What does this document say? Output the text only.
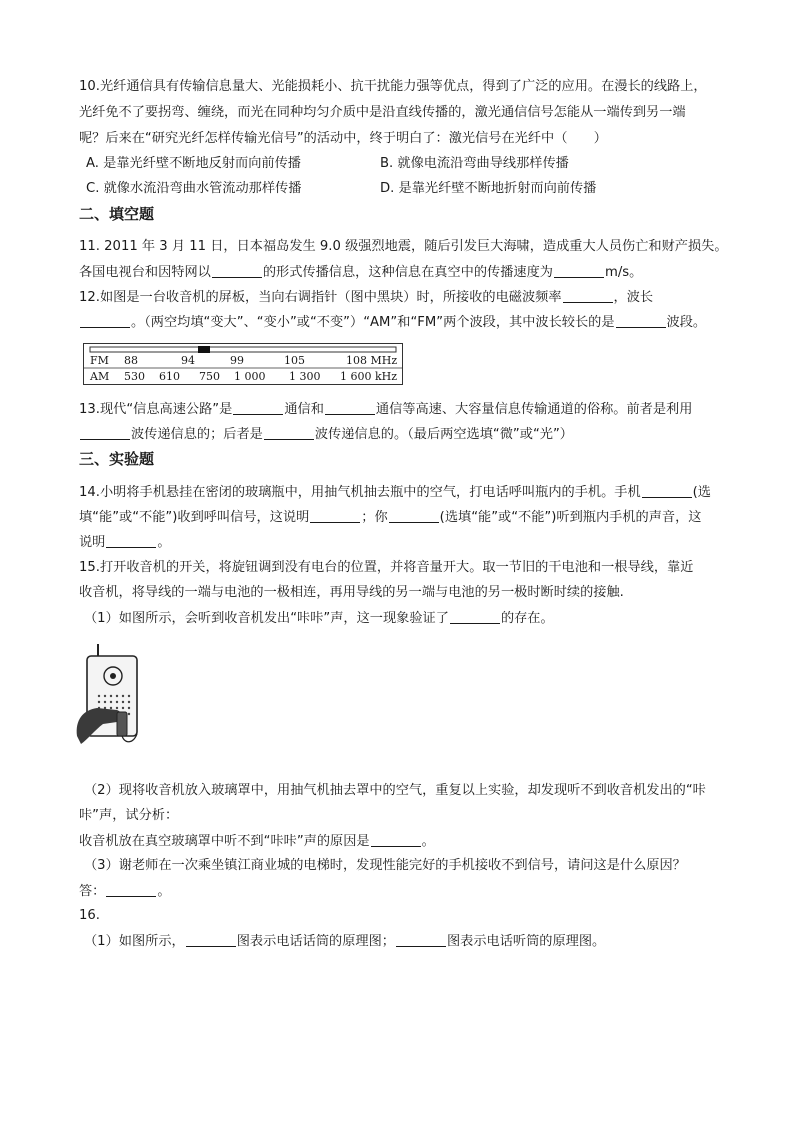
10.光纤通信具有传输信息量大、光能损耗小、抗干扰能力强等优点，得到了广泛的应用。在漫长的线路上，
光纤免不了要拐弯、缠绕，而光在同种均匀介质中是沿直线传播的，激光通信信号怎能从一端传到另一端
呢？后来在“研究光纤怎样传输光信号”的活动中，终于明白了：激光信号在光纤中（　　）
A. 是靠光纤壁不断地反射而向前传播	B. 就像电流沿弯曲导线那样传播
C. 就像水流沿弯曲水管流动那样传播	D. 是靠光纤壁不断地折射而向前传播
二、填空题
11. 2011 年 3 月 11 日，日本福岛发生 9.0 级强烈地震，随后引发巨大海啸，造成重大人员伤亡和财产损失。
各国电视台和因特网以	的形式传播信息，这种信息在真空中的传播速度为	m/s。
12.如图是一台收音机的屏板，当向右调指针（图中黑块）时，所接收的电磁波频率	，波长
。（两空均填“变大”、“变小”或“不变”）“AM”和“FM”两个波段，其中波长较长的是	波段。
FM 88	94	99	105	108 MHz
AM 530 610 750 1 000 1 300 1 600 kHz
13.现代“信息高速公路”是	通信和	通信等高速、大容量信息传输通道的俗称。前者是利用
波传递信息的；后者是	波传递信息的。（最后两空选填“微”或“光”）
三、实验题
14.小明将手机悬挂在密闭的玻璃瓶中，用抽气机抽去瓶中的空气，打电话呼叫瓶内的手机。手机	(选
填“能”或“不能”)收到呼叫信号，这说明	；你	(选填“能”或“不能”)听到瓶内手机的声音，这
说明	。
15.打开收音机的开关，将旋钮调到没有电台的位置，并将音量开大。取一节旧的干电池和一根导线，靠近
收音机，将导线的一端与电池的一极相连，再用导线的另一端与电池的另一极时断时续的接触.
（1）如图所示，会听到收音机发出“咔咔”声，这一现象验证了	的存在。
（2）现将收音机放入玻璃罩中，用抽气机抽去罩中的空气，重复以上实验，却发现听不到收音机发出的“咔
咔”声，试分析：
收音机放在真空玻璃罩中听不到“咔咔”声的原因是	。
（3）谢老师在一次乘坐镇江商业城的电梯时，发现性能完好的手机接收不到信号，请问这是什么原因？
答：	。
16.
（1）如图所示，	图表示电话话筒的原理图；	图表示电话听筒的原理图。
